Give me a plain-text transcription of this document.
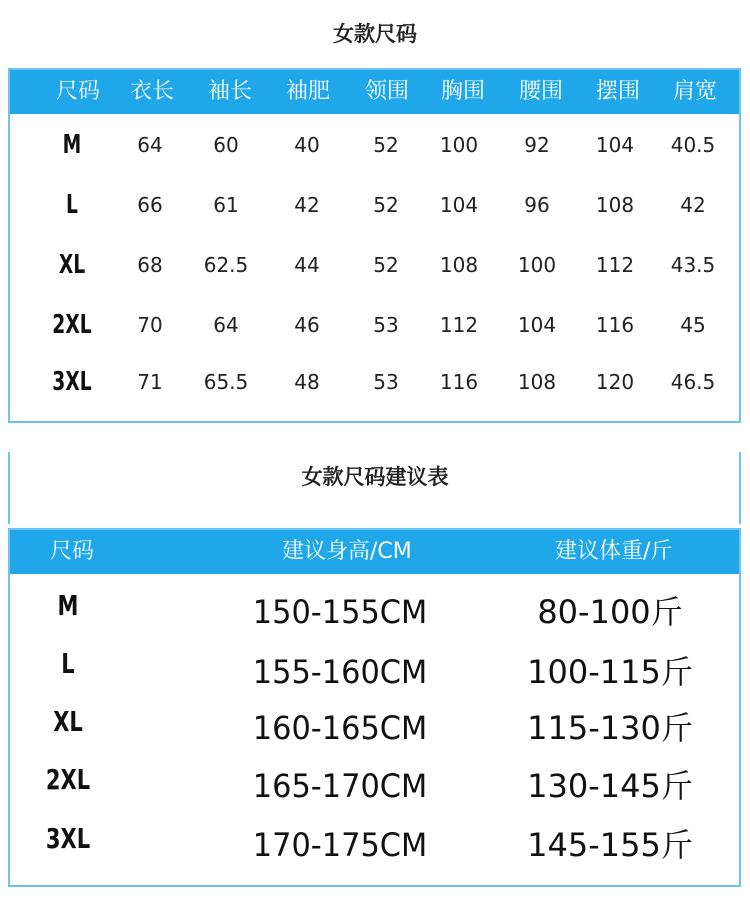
女款尺码
尺码	衣长	袖长	袖肥	领围	胸围	腰围	摆围	肩宽
M	64	60	40	52	100	92	104	40.5
L	66	61	42	52	104	96	108	42
XL	68	62.5	44	52	108	100	112	43.5
2XL	70	64	46	53	112	104	116	45
3XL	71	65.5	48	53	116	108	120	46.5
女款尺码建议表
尺码	建议身高/CM	建议体重/斤
M	150-155CM	80-100斤
L	155-160CM	100-115斤
XL	160-165CM	115-130斤
2XL	165-170CM	130-145斤
3XL	170-175CM	145-155斤
